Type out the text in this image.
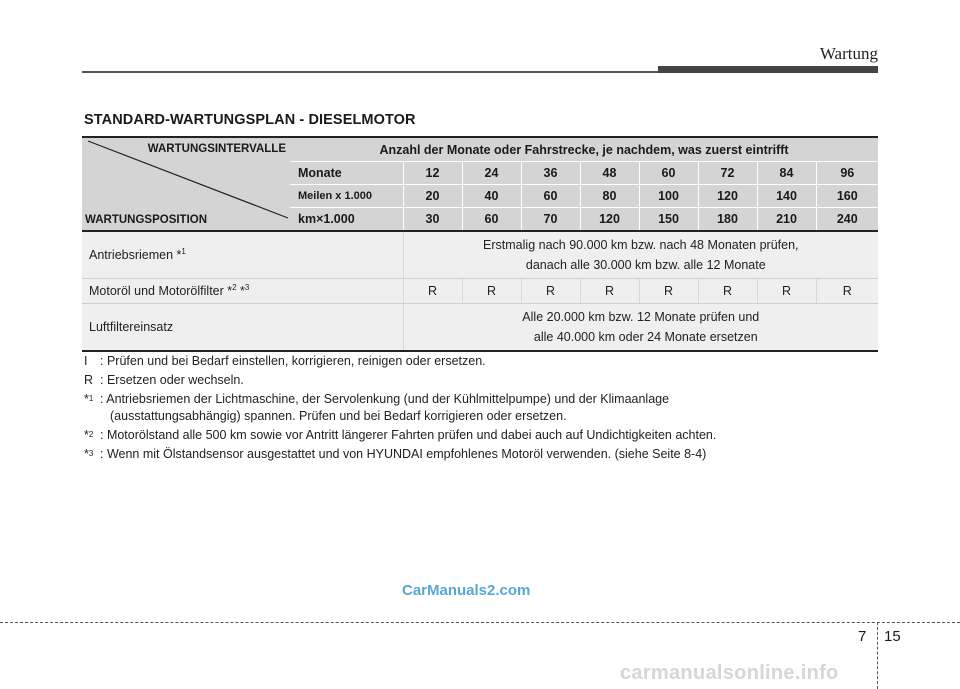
Wartung
STANDARD-WARTUNGSPLAN - DIESELMOTOR
WARTUNGSINTERVALLE
WARTUNGSPOSITION	Anzahl der Monate oder Fahrstrecke, je nachdem, was zuerst eintrifft								
	Monate	12	24	36	48	60	72	84	96
	Meilen x 1.000	20	40	60	80	100	120	140	160
	km×1.000	30	60	70	120	150	180	210	240
Antriebsriemen *$^1$		Erstmalig nach 90.000 km bzw. nach 48 Monaten prüfen,
danach alle 30.000 km bzw. alle 12 Monate							

Motoröl und Motorölfilter *$^2$ *$^3$		R	R	R	R	R	R	R	R
Luftfiltereinsatz		Alle 20.000 km bzw. 12 Monate prüfen und
alle 40.000 km oder 24 Monate ersetzen							
I	: Prüfen und bei Bedarf einstellen, korrigieren, reinigen oder ersetzen.
R : Ersetzen oder wechseln.
*$^1$ : Antriebsriemen der Lichtmaschine, der Servolenkung (und der Kühlmittelpumpe) und der Klimaanlage
(ausstattungsabhängig) spannen. Prüfen und bei Bedarf korrigieren oder ersetzen.
*$^2$ : Motorölstand alle 500 km sowie vor Antritt längerer Fahrten prüfen und dabei auch auf Undichtigkeiten achten.
*$^3$ : Wenn mit Ölstandsensor ausgestattet und von HYUNDAI empfohlenes Motoröl verwenden. (siehe Seite 8-4)
CarManuals2.com
7 15
carmanualsonline.info
